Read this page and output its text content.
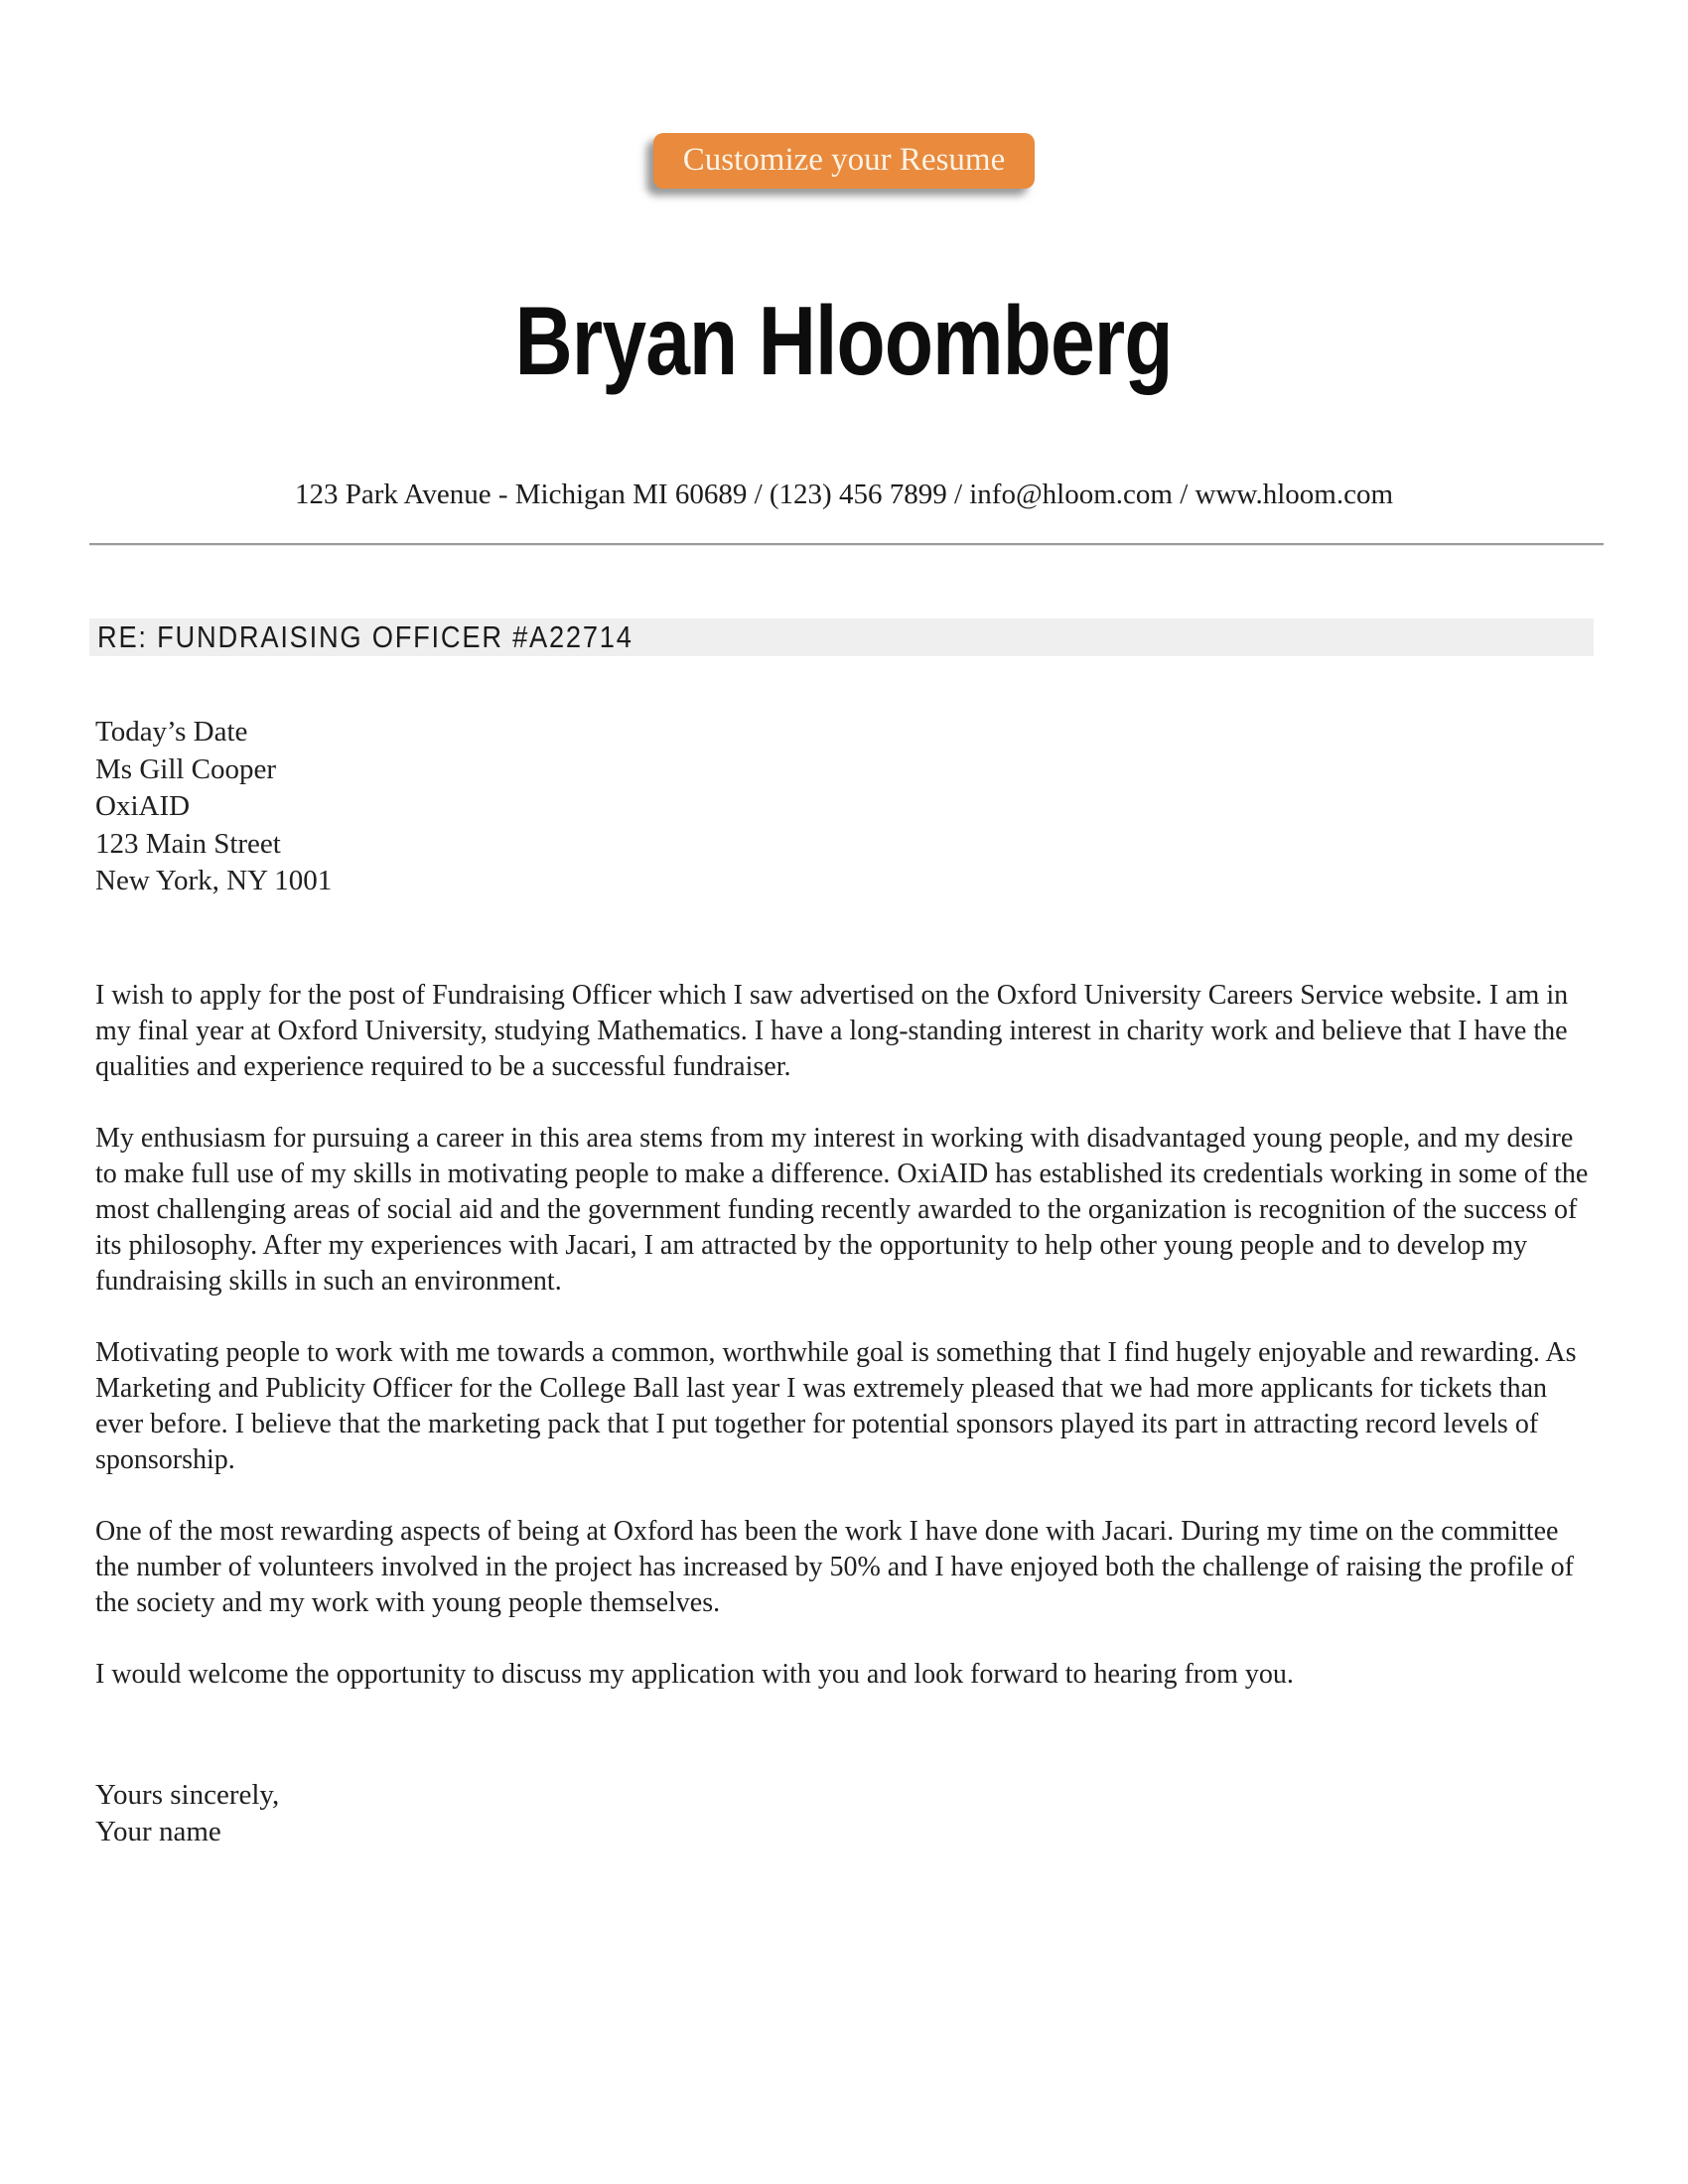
Customize your Resume
Bryan Hloomberg
123 Park Avenue - Michigan MI 60689 / (123) 456 7899 / info@hloom.com / www.hloom.com
RE: FUNDRAISING OFFICER #A22714
Today’s Date
Ms Gill Cooper
OxiAID
123 Main Street
New York, NY 1001

I wish to apply for the post of Fundraising Officer which I saw advertised on the Oxford University Careers Service website. I am in my final year at Oxford University, studying Mathematics. I have a long-standing interest in charity work and believe that I have the qualities and experience required to be a successful fundraiser.

My enthusiasm for pursuing a career in this area stems from my interest in working with disadvantaged young people, and my desire to make full use of my skills in motivating people to make a difference. OxiAID has established its credentials working in some of the most challenging areas of social aid and the government funding recently awarded to the organization is recognition of the success of its philosophy. After my experiences with Jacari, I am attracted by the opportunity to help other young people and to develop my fundraising skills in such an environment.

Motivating people to work with me towards a common, worthwhile goal is something that I find hugely enjoyable and rewarding. As Marketing and Publicity Officer for the College Ball last year I was extremely pleased that we had more applicants for tickets than ever before. I believe that the marketing pack that I put together for potential sponsors played its part in attracting record levels of sponsorship.

One of the most rewarding aspects of being at Oxford has been the work I have done with Jacari. During my time on the committee the number of volunteers involved in the project has increased by 50% and I have enjoyed both the challenge of raising the profile of the society and my work with young people themselves.

I would welcome the opportunity to discuss my application with you and look forward to hearing from you.

Yours sincerely,
Your name
